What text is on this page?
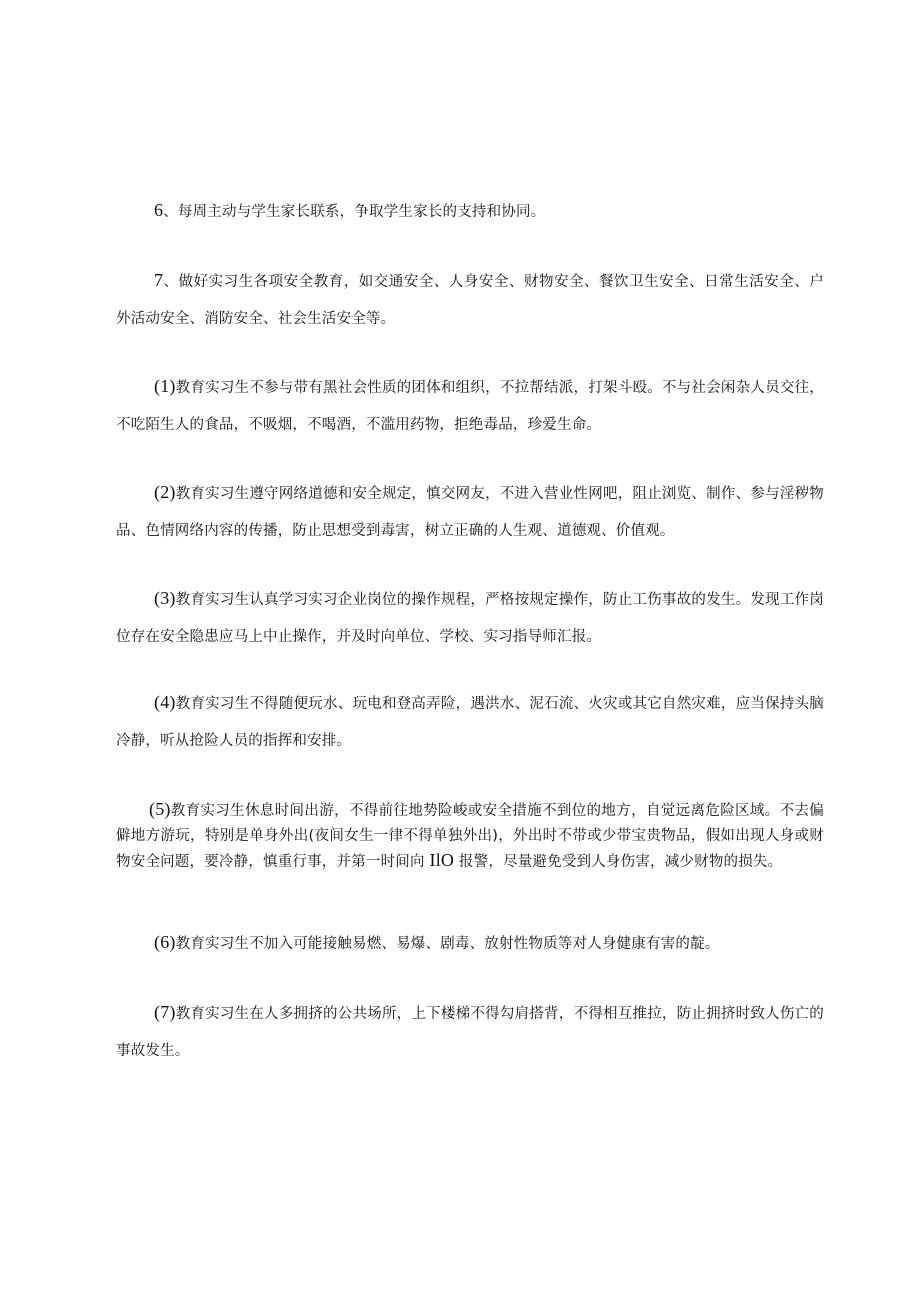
6、每周主动与学生家长联系，争取学生家长的支持和协同。

7、做好实习生各项安全教育，如交通安全、人身安全、财物安全、餐饮卫生安全、日常生活安全、户外活动安全、消防安全、社会生活安全等。

(1)教育实习生不参与带有黑社会性质的团体和组织，不拉帮结派，打架斗殴。不与社会闲杂人员交往，不吃陌生人的食品，不吸烟，不喝酒，不滥用药物，拒绝毒品，珍爱生命。

(2)教育实习生遵守网络道德和安全规定，慎交网友，不进入营业性网吧，阻止浏览、制作、参与淫秽物品、色情网络内容的传播，防止思想受到毒害，树立正确的人生观、道德观、价值观。

(3)教育实习生认真学习实习企业岗位的操作规程，严格按规定操作，防止工伤事故的发生。发现工作岗位存在安全隐患应马上中止操作，并及时向单位、学校、实习指导师汇报。

(4)教育实习生不得随便玩水、玩电和登高弄险，遇洪水、泥石流、火灾或其它自然灾难，应当保持头脑冷静，听从抢险人员的指挥和安排。

(5)教育实习生休息时间出游，不得前往地势险峻或安全措施不到位的地方，自觉远离危险区域。不去偏僻地方游玩，特别是单身外出(夜间女生一律不得单独外出)，外出时不带或少带宝贵物品，假如出现人身或财物安全问题，要冷静，慎重行事，并第一时间向 IlO 报警，尽量避免受到人身伤害，减少财物的损失。

(6)教育实习生不加入可能接触易燃、易爆、剧毒、放射性物质等对人身健康有害的靛。

(7)教育实习生在人多拥挤的公共场所，上下楼梯不得勾肩搭背，不得相互推拉，防止拥挤时致人伤亡的事故发生。
